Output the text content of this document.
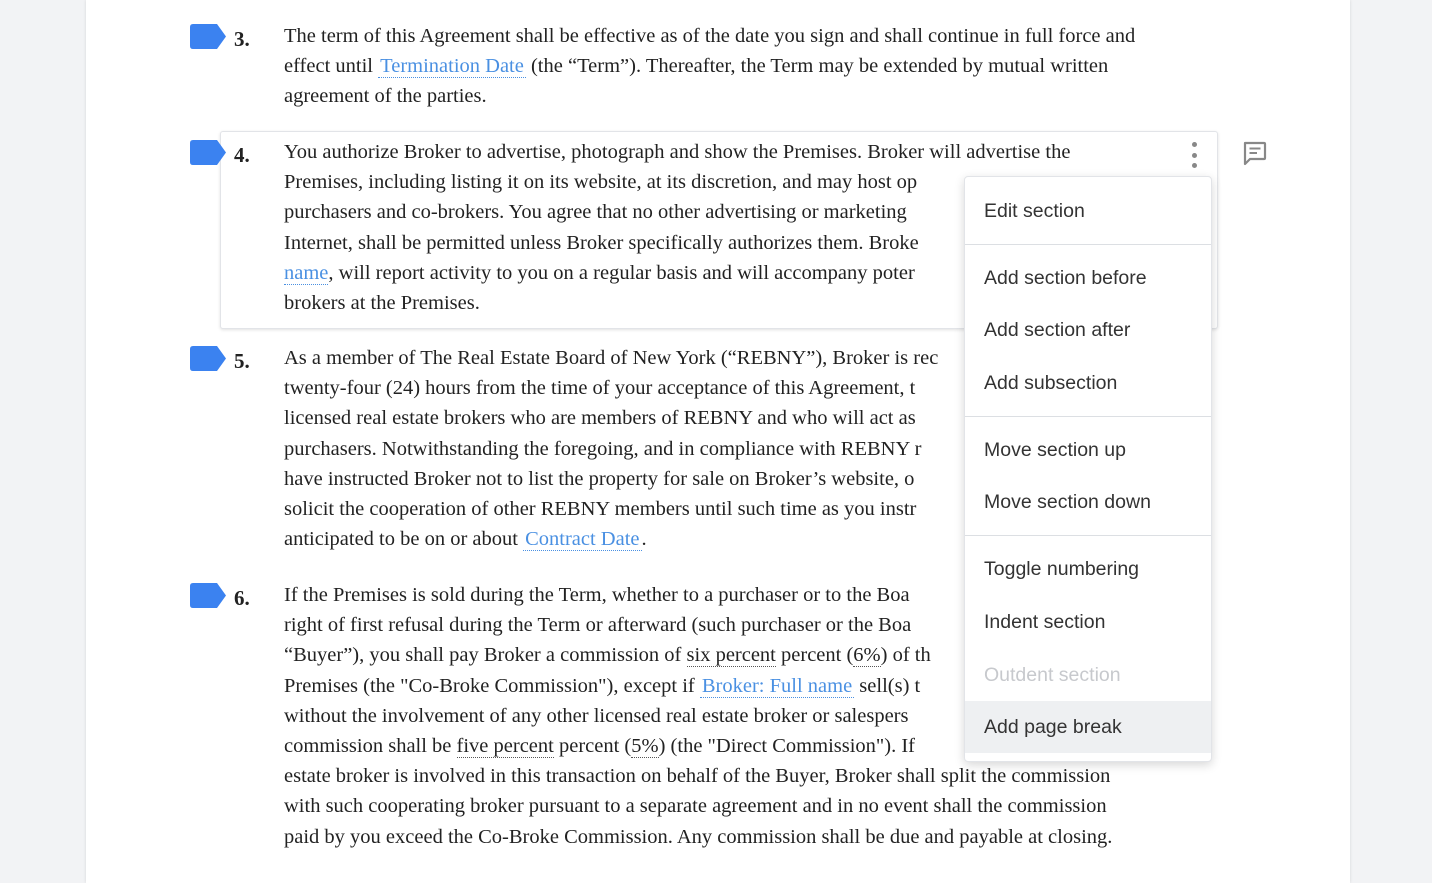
3. The term of this Agreement shall be effective as of the date you sign and shall continue in full force and
effect until Termination Date (the “Term”). Thereafter, the Term may be extended by mutual written
agreement of the parties.
4. You authorize Broker to advertise, photograph and show the Premises. Broker will advertise the
Premises, including listing it on its website, at its discretion, and may host op
purchasers and co-brokers. You agree that no other advertising or marketing
Internet, shall be permitted unless Broker specifically authorizes them. Broke
name, will report activity to you on a regular basis and will accompany poter
brokers at the Premises.
5. As a member of The Real Estate Board of New York (“REBNY”), Broker is rec
twenty-four (24) hours from the time of your acceptance of this Agreement, t
licensed real estate brokers who are members of REBNY and who will act as
purchasers. Notwithstanding the foregoing, and in compliance with REBNY r
have instructed Broker not to list the property for sale on Broker’s website, o
solicit the cooperation of other REBNY members until such time as you instr
anticipated to be on or about Contract Date.
6. If the Premises is sold during the Term, whether to a purchaser or to the Boa
right of first refusal during the Term or afterward (such purchaser or the Boa
“Buyer”), you shall pay Broker a commission of six percent percent (6%) of th
Premises (the "Co-Broke Commission"), except if Broker: Full name sell(s) t
without the involvement of any other licensed real estate broker or salespers
commission shall be five percent percent (5%) (the "Direct Commission"). If
estate broker is involved in this transaction on behalf of the Buyer, Broker shall split the commission
with such cooperating broker pursuant to a separate agreement and in no event shall the commission
paid by you exceed the Co-Broke Commission. Any commission shall be due and payable at closing.
Edit section
Add section before
Add section after
Add subsection
Move section up
Move section down
Toggle numbering
Indent section
Outdent section
Add page break
